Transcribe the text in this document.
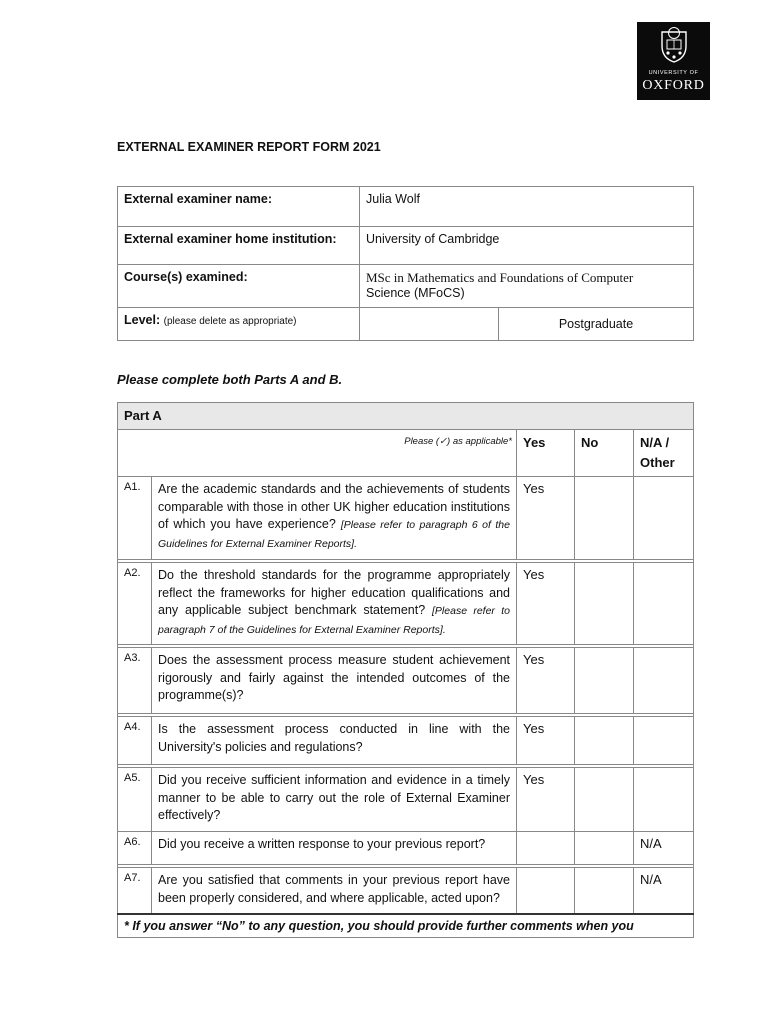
UNIVERSITY OF
OXFORD
EXTERNAL EXAMINER REPORT FORM 2021
External examiner name:	Julia Wolf	
External examiner home institution:	University of Cambridge	
Course(s) examined:	MSc in Mathematics and Foundations of Computer
Science (MFoCS)	
Level: (please delete as appropriate)		Postgraduate
Please complete both Parts A and B.
Part A				
Please (✓) as applicable*		Yes	No	N/A / Other
A1.	Are the academic standards and the achievements of students comparable with those in other UK higher education institutions of which you have experience? [Please refer to paragraph 6 of the Guidelines for External Examiner Reports].	Yes		

A2.	Do the threshold standards for the programme appropriately reflect the frameworks for higher education qualifications and any applicable subject benchmark statement? [Please refer to paragraph 7 of the Guidelines for External Examiner Reports].	Yes		

A3.	Does the assessment process measure student achievement rigorously and fairly against the intended outcomes of the programme(s)?	Yes		

A4.	Is the assessment process conducted in line with the University's policies and regulations?	Yes		

A5.	Did you receive sufficient information and evidence in a timely manner to be able to carry out the role of External Examiner effectively?	Yes		
A6.	Did you receive a written response to your previous report?			N/A

A7.	Are you satisfied that comments in your previous report have been properly considered, and where applicable, acted upon?			N/A
* If you answer “No” to any question, you should provide further comments when you				
